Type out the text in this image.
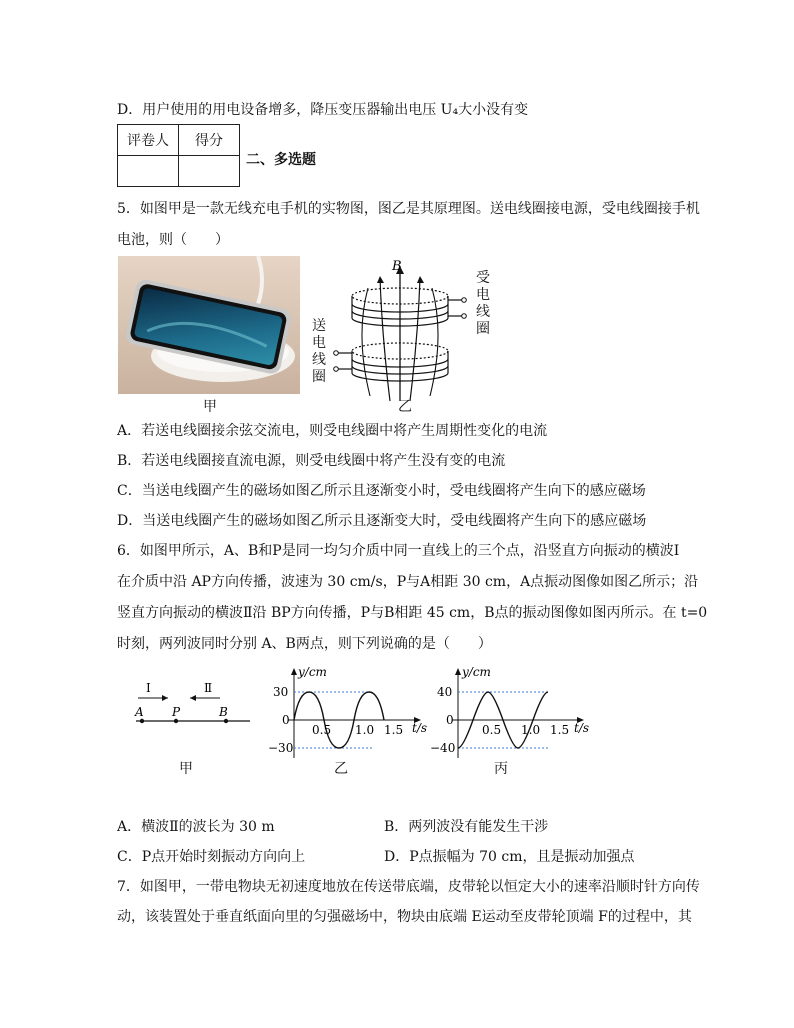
D．用户使用的用电设备增多，降压变压器输出电压 U₄大小没有变
评卷人	得分

二、多选题
5．如图甲是一款无线充电手机的实物图，图乙是其原理图。送电线圈接电源，受电线圈接手机
电池，则（　　）
甲
B
受电线圈
送电线圈
乙
A．若送电线圈接余弦交流电，则受电线圈中将产生周期性变化的电流
B．若送电线圈接直流电源，则受电线圈中将产生没有变的电流
C．当送电线圈产生的磁场如图乙所示且逐渐变小时，受电线圈将产生向下的感应磁场
D．当送电线圈产生的磁场如图乙所示且逐渐变大时，受电线圈将产生向下的感应磁场
6．如图甲所示，A、B和P是同一均匀介质中同一直线上的三个点，沿竖直方向振动的横波Ⅰ
在介质中沿 AP方向传播，波速为 30 cm/s，P与A相距 30 cm，A点振动图像如图乙所示；沿
竖直方向振动的横波Ⅱ沿 BP方向传播，P与B相距 45 cm，B点的振动图像如图丙所示。在 t=0
时刻，两列波同时分别 A、B两点，则下列说确的是（　　）
A P	B
Ⅰ	Ⅱ
甲
y/cm
t/s
30
0
−30
0.5 1.0 1.5
乙
y/cm
t/s
40
0
−40
0.5 1.0 1.5
丙
A．横波Ⅱ的波长为 30 m	B．两列波没有能发生干涉
C．P点开始时刻振动方向向上	D．P点振幅为 70 cm，且是振动加强点
7．如图甲，一带电物块无初速度地放在传送带底端，皮带轮以恒定大小的速率沿顺时针方向传
动，该装置处于垂直纸面向里的匀强磁场中，物块由底端 E运动至皮带轮顶端 F的过程中，其
